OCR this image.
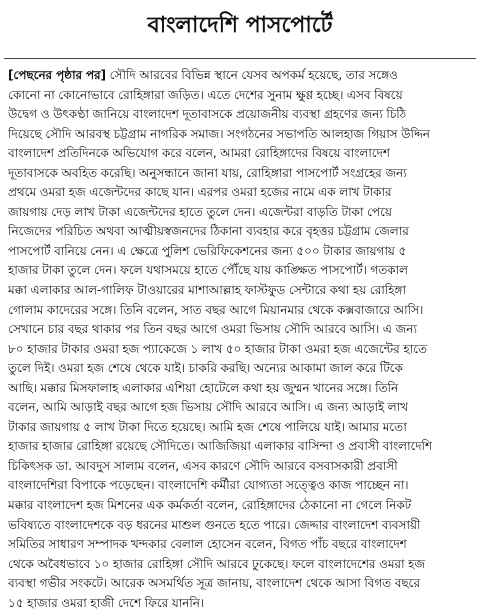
বাংলাদেশি পাসপোর্টে
[পেছনের পৃষ্ঠার পর] সৌদি আরবের বিভিন্ন স্থানে যেসব অপকর্ম হয়েছে, তার সঙ্গেও
কোনো না কোনোভাবে রোহিঙ্গারা জড়িত। এতে দেশের সুনাম ক্ষুণ্ণ হচ্ছে। এসব বিষয়ে
উদ্বেগ ও উৎকণ্ঠা জানিয়ে বাংলাদেশ দূতাবাসকে প্রয়োজনীয় ব্যবস্থা গ্রহণের জন্য চিঠি
দিয়েছে সৌদি আরবস্থ চট্টগ্রাম নাগরিক সমাজ। সংগঠনের সভাপতি আলহাজ গিয়াস উদ্দিন
বাংলাদেশ প্রতিদিনকে অভিযোগ করে বলেন, আমরা রোহিঙ্গাদের বিষয়ে বাংলাদেশ
দূতাবাসকে অবহিত করেছি। অনুসন্ধানে জানা যায়, রোহিঙ্গারা পাসপোর্ট সংগ্রহের জন্য
প্রথমে ওমরা হজ এজেন্টদের কাছে যান। এরপর ওমরা হজের নামে এক লাখ টাকার
জায়গায় দেড় লাখ টাকা এজেন্টদের হাতে তুলে দেন। এজেন্টরা বাড়তি টাকা পেয়ে
নিজেদের পরিচিত অথবা আত্মীয়স্বজনদের ঠিকানা ব্যবহার করে বৃহত্তর চট্টগ্রাম জেলার
পাসপোর্ট বানিয়ে নেন। এ ক্ষেত্রে পুলিশ ভেরিফিকেশনের জন্য ৫০০ টাকার জায়গায় ৫
হাজার টাকা তুলে দেন। ফলে যথাসময়ে হাতে পৌঁছে যায় কাঙ্ক্ষিত পাসপোর্ট। গতকাল
মক্কা এলাকার আল-গালিফ টাওয়ারের মাশাআল্লাহ ফাস্টফুড সেন্টারে কথা হয় রোহিঙ্গা
গোলাম কাদেরের সঙ্গে। তিনি বলেন, সাত বছর আগে মিয়ানমার থেকে কক্সবাজারে আসি।
সেখানে চার বছর থাকার পর তিন বছর আগে ওমরা ভিসায় সৌদি আরবে আসি। এ জন্য
৮০ হাজার টাকার ওমরা হজ প্যাকেজে ১ লাখ ৫০ হাজার টাকা ওমরা হজ এজেন্টের হাতে
তুলে দিই। ওমরা হজ শেষে থেকে যাই। চাকরি করছি। অন্যের আকামা জাল করে টিকে
আছি। মক্কার মিসফালাহ এলাকার এশিয়া হোটেলে কথা হয় জুম্মন খানের সঙ্গে। তিনি
বলেন, আমি আড়াই বছর আগে হজ ভিসায় সৌদি আরবে আসি। এ জন্য আড়াই লাখ
টাকার জায়গায় ৫ লাখ টাকা দিতে হয়েছে। আমি হজ শেষে পালিয়ে যাই। আমার মতো
হাজার হাজার রোহিঙ্গা রয়েছে সৌদিতে। আজিজিয়া এলাকার বাসিন্দা ও প্রবাসী বাংলাদেশি
চিকিৎসক ডা. আবদুস সালাম বলেন, এসব কারণে সৌদি আরবে বসবাসকারী প্রবাসী
বাংলাদেশিরা বিপাকে পড়েছেন। বাংলাদেশি কর্মীরা যোগ্যতা সত্ত্বেও কাজ পাচ্ছেন না।
মক্কার বাংলাদেশ হজ মিশনের এক কর্মকর্তা বলেন, রোহিঙ্গাদের ঠেকানো না গেলে নিকট
ভবিষ্যতে বাংলাদেশকে বড় ধরনের মাশুল গুনতে হতে পারে। জেদ্দার বাংলাদেশ ব্যবসায়ী
সমিতির সাধারণ সম্পাদক খন্দকার বেলাল হোসেন বলেন, বিগত পাঁচ বছরে বাংলাদেশ
থেকে অবৈধভাবে ১০ হাজার রোহিঙ্গা সৌদি আরবে ঢুকেছে। ফলে বাংলাদেশের ওমরা হজ
ব্যবস্থা গভীর সংকটে। আরেক অসমর্থিত সূত্র জানায়, বাংলাদেশ থেকে আসা বিগত বছরে
১৫ হাজার ওমরা হাজী দেশে ফিরে যাননি।
